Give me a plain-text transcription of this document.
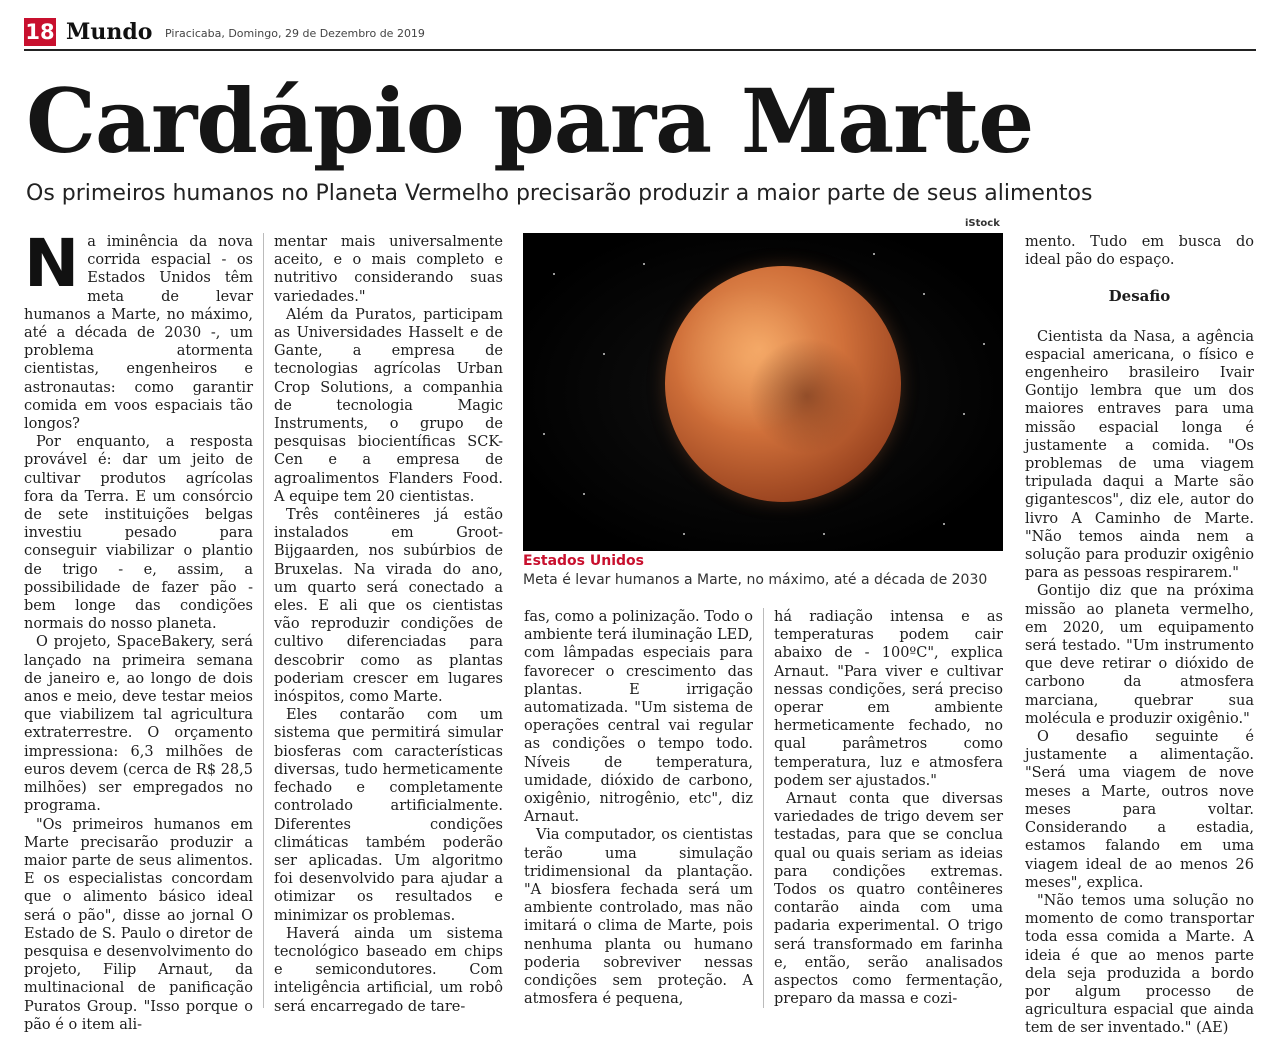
18 Mundo Piracicaba, Domingo, 29 de Dezembro de 2019
Cardápio para Marte
Os primeiros humanos no Planeta Vermelho precisarão produzir a maior parte de seus alimentos

Na iminência da nova corrida espacial - os Estados Unidos têm meta de levar humanos a Marte, no máximo, até a década de 2030 -, um problema atormenta cientistas, engenheiros e astronautas: como garantir comida em voos espaciais tão longos?

Por enquanto, a resposta provável é: dar um jeito de cultivar produtos agrícolas fora da Terra. E um consórcio de sete instituições belgas investiu pesado para conseguir viabilizar o plantio de trigo - e, assim, a possibilidade de fazer pão - bem longe das condições normais do nosso planeta.

O projeto, SpaceBakery, será lançado na primeira semana de janeiro e, ao longo de dois anos e meio, deve testar meios que viabilizem tal agricultura extraterrestre. O orçamento impressiona: 6,3 milhões de euros devem (cerca de R$ 28,5 milhões) ser empregados no programa.

"Os primeiros humanos em Marte precisarão produzir a maior parte de seus alimentos. E os especialistas concordam que o alimento básico ideal será o pão", disse ao jornal O Estado de S. Paulo o diretor de pesquisa e desenvolvimento do projeto, Filip Arnaut, da multinacional de panificação Puratos Group. "Isso porque o pão é o item ali-

mentar mais universalmente aceito, e o mais completo e nutritivo considerando suas variedades."

Além da Puratos, participam as Universidades Hasselt e de Gante, a empresa de tecnologias agrícolas Urban Crop Solutions, a companhia de tecnologia Magic Instruments, o grupo de pesquisas biocientíficas SCK-Cen e a empresa de agroalimentos Flanders Food. A equipe tem 20 cientistas.

Três contêineres já estão instalados em Groot-Bijgaarden, nos subúrbios de Bruxelas. Na virada do ano, um quarto será conectado a eles. E ali que os cientistas vão reproduzir condições de cultivo diferenciadas para descobrir como as plantas poderiam crescer em lugares inóspitos, como Marte.

Eles contarão com um sistema que permitirá simular biosferas com características diversas, tudo hermeticamente fechado e completamente controlado artificialmente. Diferentes condições climáticas também poderão ser aplicadas. Um algoritmo foi desenvolvido para ajudar a otimizar os resultados e minimizar os problemas.

Haverá ainda um sistema tecnológico baseado em chips e semicondutores. Com inteligência artificial, um robô será encarregado de tare-

iStock
Estados Unidos
Meta é levar humanos a Marte, no máximo, até a década de 2030

fas, como a polinização. Todo o ambiente terá iluminação LED, com lâmpadas especiais para favorecer o crescimento das plantas. E irrigação automatizada. "Um sistema de operações central vai regular as condições o tempo todo. Níveis de temperatura, umidade, dióxido de carbono, oxigênio, nitrogênio, etc", diz Arnaut.

Via computador, os cientistas terão uma simulação tridimensional da plantação. "A biosfera fechada será um ambiente controlado, mas não imitará o clima de Marte, pois nenhuma planta ou humano poderia sobreviver nessas condições sem proteção. A atmosfera é pequena,

há radiação intensa e as temperaturas podem cair abaixo de - 100ºC", explica Arnaut. "Para viver e cultivar nessas condições, será preciso operar em ambiente hermeticamente fechado, no qual parâmetros como temperatura, luz e atmosfera podem ser ajustados."

Arnaut conta que diversas variedades de trigo devem ser testadas, para que se conclua qual ou quais seriam as ideias para condições extremas. Todos os quatro contêineres contarão ainda com uma padaria experimental. O trigo será transformado em farinha e, então, serão analisados aspectos como fermentação, preparo da massa e cozi-

mento. Tudo em busca do ideal pão do espaço.

Desafio

Cientista da Nasa, a agência espacial americana, o físico e engenheiro brasileiro Ivair Gontijo lembra que um dos maiores entraves para uma missão espacial longa é justamente a comida. "Os problemas de uma viagem tripulada daqui a Marte são gigantescos", diz ele, autor do livro A Caminho de Marte. "Não temos ainda nem a solução para produzir oxigênio para as pessoas respirarem."

Gontijo diz que na próxima missão ao planeta vermelho, em 2020, um equipamento será testado. "Um instrumento que deve retirar o dióxido de carbono da atmosfera marciana, quebrar sua molécula e produzir oxigênio."

O desafio seguinte é justamente a alimentação. "Será uma viagem de nove meses a Marte, outros nove meses para voltar. Considerando a estadia, estamos falando em uma viagem ideal de ao menos 26 meses", explica.

"Não temos uma solução no momento de como transportar toda essa comida a Marte. A ideia é que ao menos parte dela seja produzida a bordo por algum processo de agricultura espacial que ainda tem de ser inventado." (AE)
